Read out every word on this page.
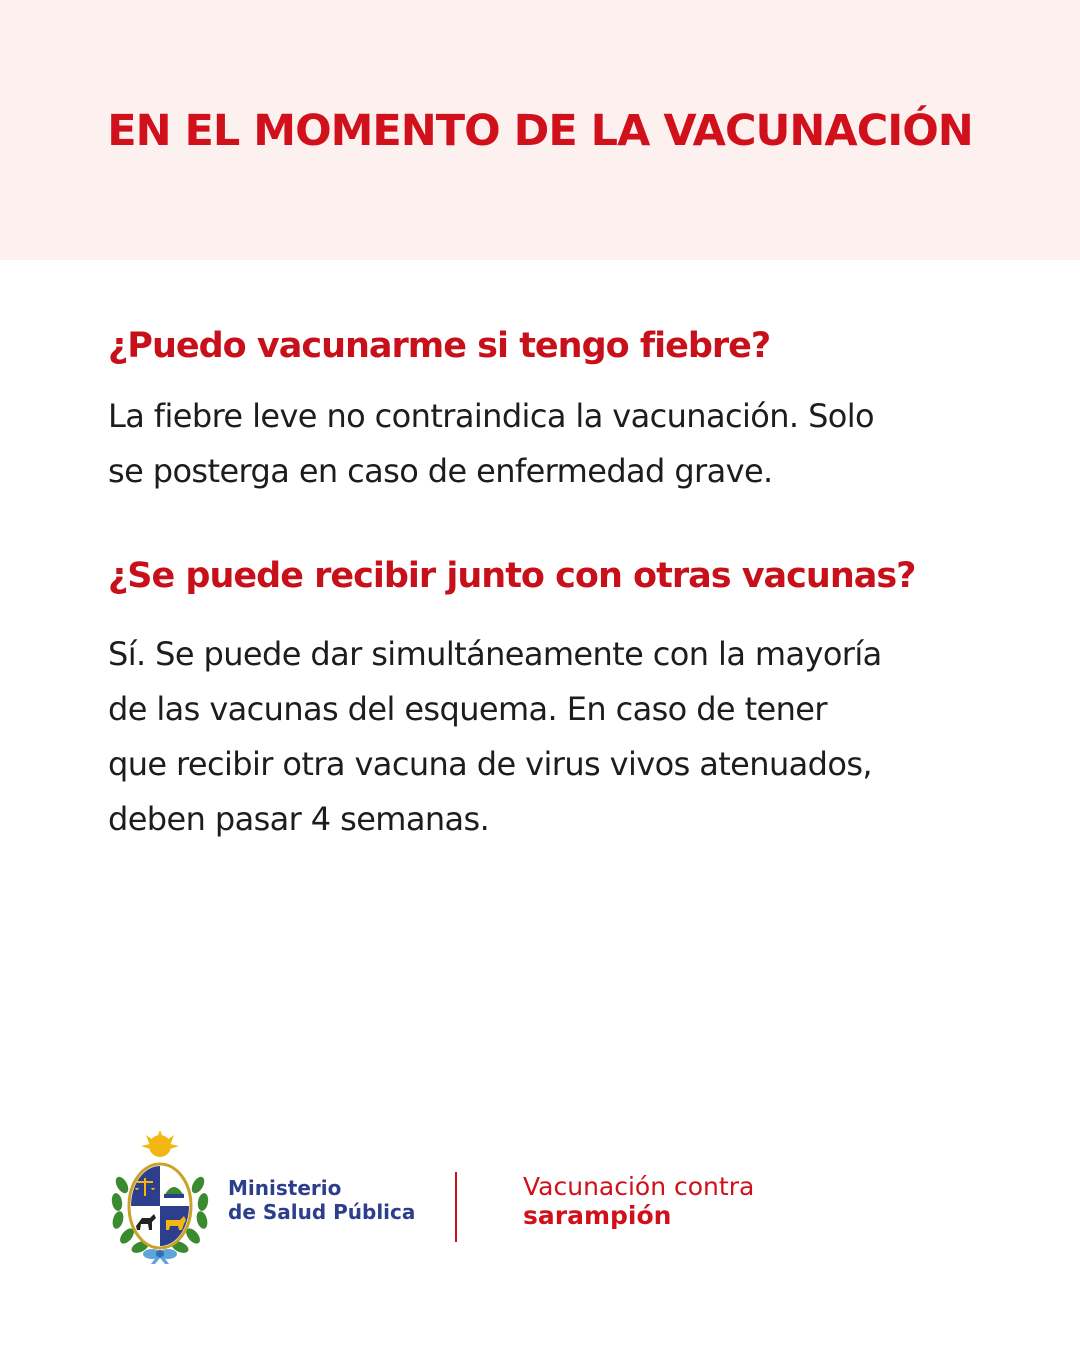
EN EL MOMENTO DE LA VACUNACIÓN
¿Puedo vacunarme si tengo fiebre?

La fiebre leve no contraindica la vacunación. Solo
se posterga en caso de enfermedad grave.

¿Se puede recibir junto con otras vacunas?

Sí. Se puede dar simultáneamente con la mayoría
de las vacunas del esquema. En caso de tener
que recibir otra vacuna de virus vivos atenuados,
deben pasar 4 semanas.

Ministerio
de Salud Pública
Vacunación contra
sarampión
